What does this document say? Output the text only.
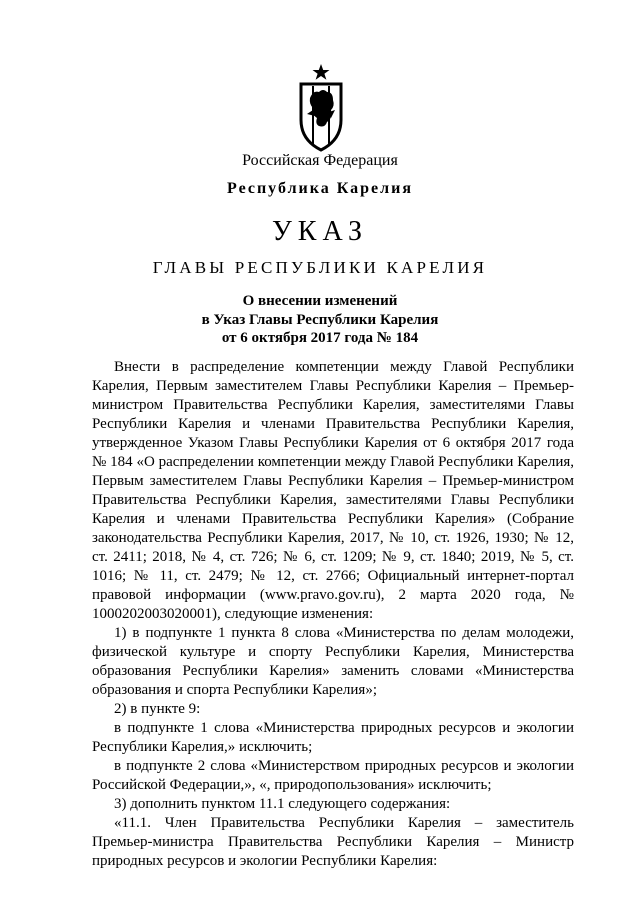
Российская Федерация
Республика Карелия
УКАЗ
ГЛАВЫ РЕСПУБЛИКИ КАРЕЛИЯ
О внесении изменений
в Указ Главы Республики Карелия
от 6 октября 2017 года № 184

Внести в распределение компетенции между Главой Республики Карелия, Первым заместителем Главы Республики Карелия – Премьер-министром Правительства Республики Карелия, заместителями Главы Республики Карелия и членами Правительства Республики Карелия, утвержденное Указом Главы Республики Карелия от 6 октября 2017 года № 184 «О распределении компетенции между Главой Республики Карелия, Первым заместителем Главы Республики Карелия – Премьер-министром Правительства Республики Карелия, заместителями Главы Республики Карелия и членами Правительства Республики Карелия» (Собрание законодательства Республики Карелия, 2017, № 10, ст. 1926, 1930; № 12, ст. 2411; 2018, № 4, ст. 726; № 6, ст. 1209; № 9, ст. 1840; 2019, № 5, ст. 1016; № 11, ст. 2479; № 12, ст. 2766; Официальный интернет-портал правовой информации (www.pravo.gov.ru), 2 марта 2020 года, № 1000202003020001), следующие изменения:

1) в подпункте 1 пункта 8 слова «Министерства по делам молодежи, физической культуре и спорту Республики Карелия, Министерства образования Республики Карелия» заменить словами «Министерства образования и спорта Республики Карелия»;

2) в пункте 9:

в подпункте 1 слова «Министерства природных ресурсов и экологии Республики Карелия,» исключить;

в подпункте 2 слова «Министерством природных ресурсов и экологии Российской Федерации,», «, природопользования» исключить;

3) дополнить пунктом 11.1 следующего содержания:

«11.1. Член Правительства Республики Карелия – заместитель Премьер-министра Правительства Республики Карелия – Министр природных ресурсов и экологии Республики Карелия:
